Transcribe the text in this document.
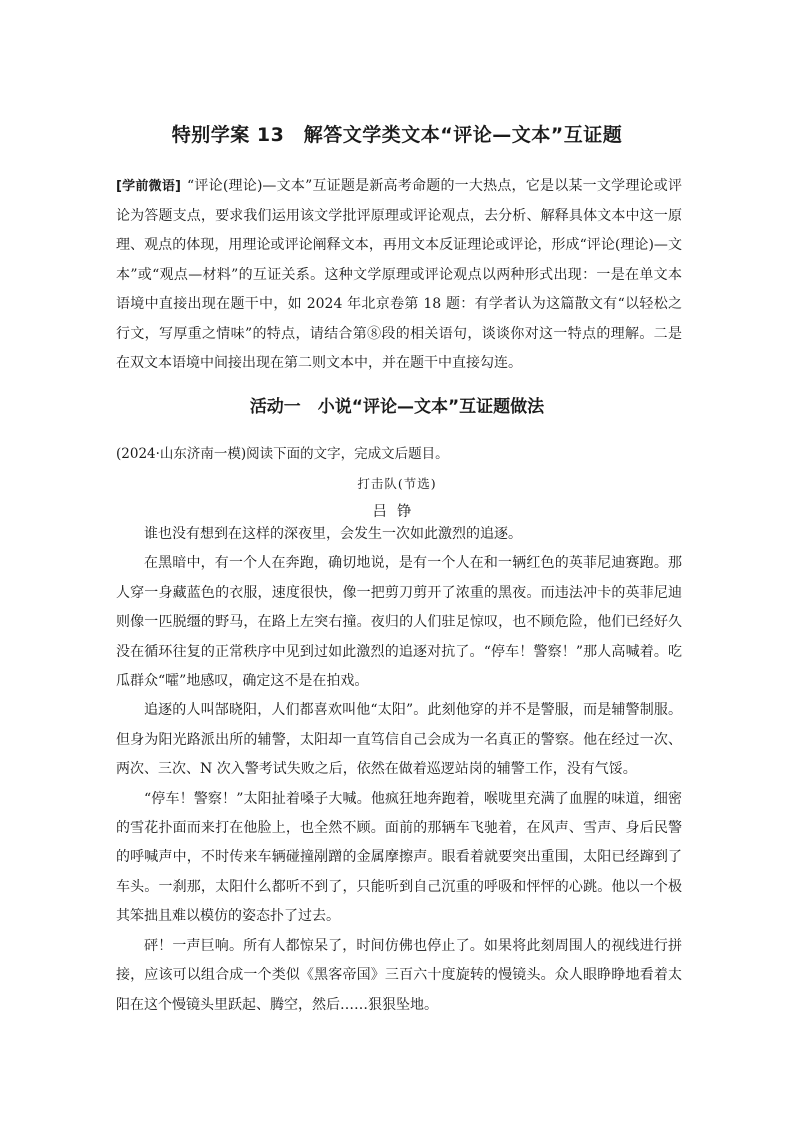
特别学案 13　解答文学类文本“评论—文本”互证题
[学前微语] “评论(理论)—文本”互证题是新高考命题的一大热点，它是以某一文学理论或评论为答题支点，要求我们运用该文学批评原理或评论观点，去分析、解释具体文本中这一原理、观点的体现，用理论或评论阐释文本，再用文本反证理论或评论，形成“评论(理论)—文本”或“观点—材料”的互证关系。这种文学原理或评论观点以两种形式出现：一是在单文本语境中直接出现在题干中，如 2024 年北京卷第 18 题：有学者认为这篇散文有“以轻松之行文，写厚重之情味”的特点，请结合第⑧段的相关语句，谈谈你对这一特点的理解。二是在双文本语境中间接出现在第二则文本中，并在题干中直接勾连。
活动一　小说“评论—文本”互证题做法
(2024·山东济南一模)阅读下面的文字，完成文后题目。
打击队(节选)
吕铮

谁也没有想到在这样的深夜里，会发生一次如此激烈的追逐。

在黑暗中，有一个人在奔跑，确切地说，是有一个人在和一辆红色的英菲尼迪赛跑。那人穿一身藏蓝色的衣服，速度很快，像一把剪刀剪开了浓重的黑夜。而违法冲卡的英菲尼迪则像一匹脱缰的野马，在路上左突右撞。夜归的人们驻足惊叹，也不顾危险，他们已经好久没在循环往复的正常秩序中见到过如此激烈的追逐对抗了。“停车！警察！”那人高喊着。吃瓜群众“嚯”地感叹，确定这不是在拍戏。

追逐的人叫郜晓阳，人们都喜欢叫他“太阳”。此刻他穿的并不是警服，而是辅警制服。但身为阳光路派出所的辅警，太阳却一直笃信自己会成为一名真正的警察。他在经过一次、两次、三次、N 次入警考试失败之后，依然在做着巡逻站岗的辅警工作，没有气馁。

“停车！警察！”太阳扯着嗓子大喊。他疯狂地奔跑着，喉咙里充满了血腥的味道，细密的雪花扑面而来打在他脸上，也全然不顾。面前的那辆车飞驰着，在风声、雪声、身后民警的呼喊声中，不时传来车辆碰撞剐蹭的金属摩擦声。眼看着就要突出重围，太阳已经蹿到了车头。一刹那，太阳什么都听不到了，只能听到自己沉重的呼吸和怦怦的心跳。他以一个极其笨拙且难以模仿的姿态扑了过去。

砰！一声巨响。所有人都惊呆了，时间仿佛也停止了。如果将此刻周围人的视线进行拼接，应该可以组合成一个类似《黑客帝国》三百六十度旋转的慢镜头。众人眼睁睁地看着太阳在这个慢镜头里跃起、腾空，然后……狠狠坠地。
